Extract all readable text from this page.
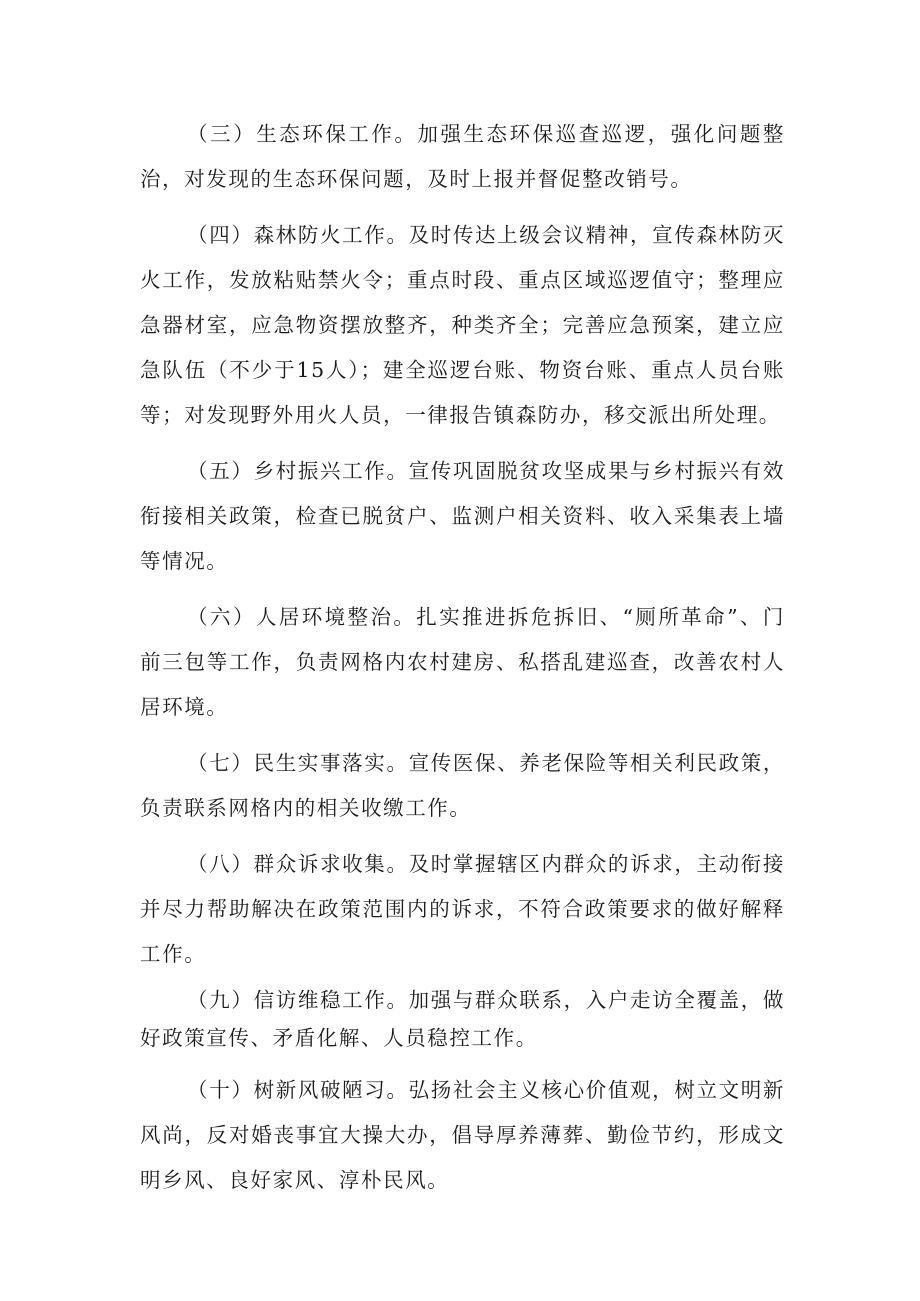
（三）生态环保工作。加强生态环保巡查巡逻，强化问题整治，对发现的生态环保问题，及时上报并督促整改销号。

（四）森林防火工作。及时传达上级会议精神，宣传森林防灭火工作，发放粘贴禁火令；重点时段、重点区域巡逻值守；整理应急器材室，应急物资摆放整齐，种类齐全；完善应急预案，建立应急队伍（不少于15人）；建全巡逻台账、物资台账、重点人员台账等；对发现野外用火人员，一律报告镇森防办，移交派出所处理。

（五）乡村振兴工作。宣传巩固脱贫攻坚成果与乡村振兴有效衔接相关政策，检查已脱贫户、监测户相关资料、收入采集表上墙等情况。

（六）人居环境整治。扎实推进拆危拆旧、“厕所革命”、门前三包等工作，负责网格内农村建房、私搭乱建巡查，改善农村人居环境。

（七）民生实事落实。宣传医保、养老保险等相关利民政策，负责联系网格内的相关收缴工作。

（八）群众诉求收集。及时掌握辖区内群众的诉求，主动衔接并尽力帮助解决在政策范围内的诉求，不符合政策要求的做好解释工作。

（九）信访维稳工作。加强与群众联系，入户走访全覆盖，做好政策宣传、矛盾化解、人员稳控工作。

（十）树新风破陋习。弘扬社会主义核心价值观，树立文明新风尚，反对婚丧事宜大操大办，倡导厚养薄葬、勤俭节约，形成文明乡风、良好家风、淳朴民风。
